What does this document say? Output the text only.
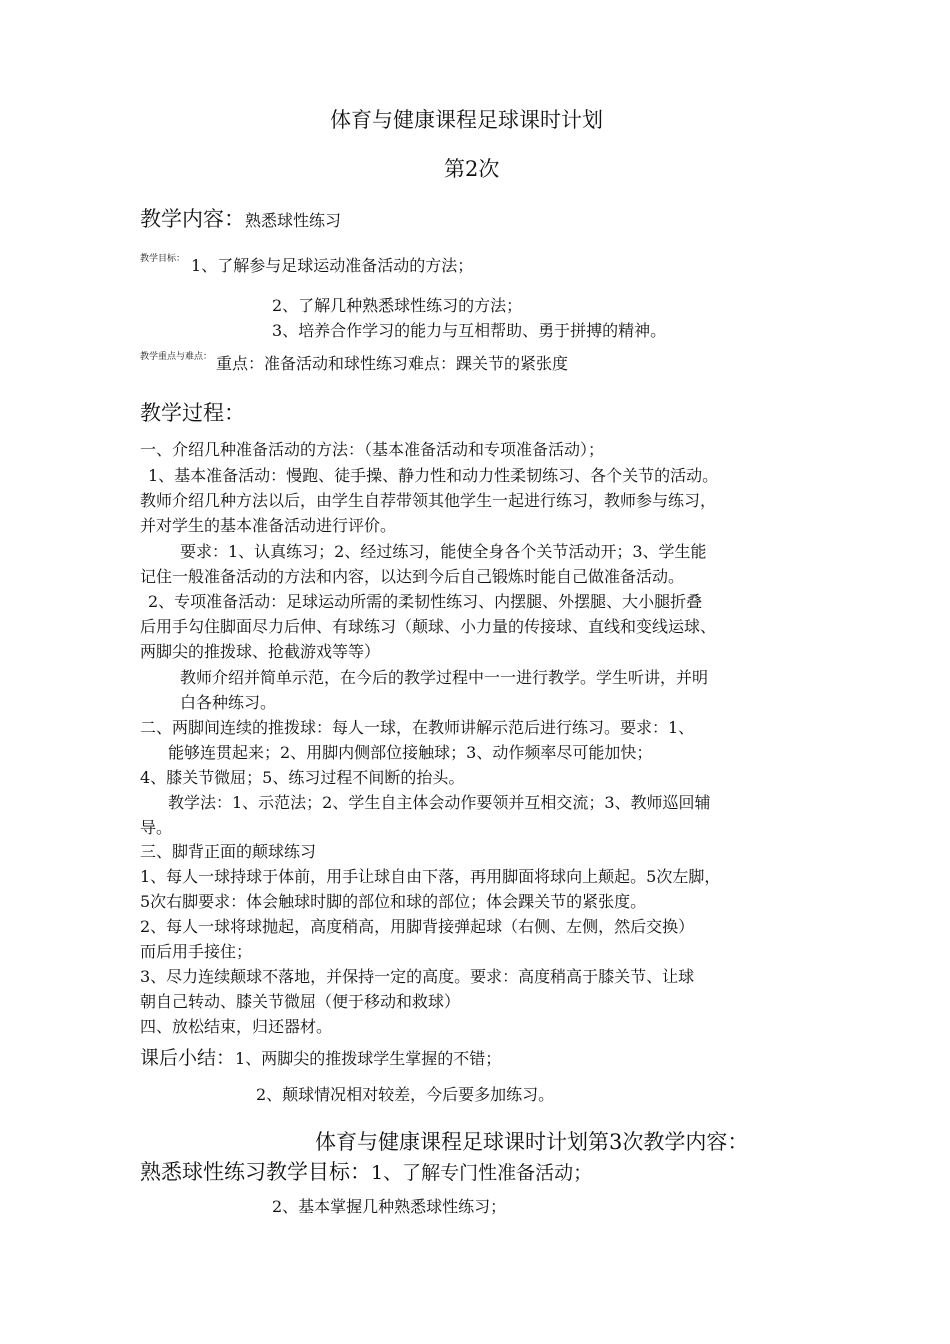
体育与健康课程足球课时计划
第2次
教学内容：熟悉球性练习
$^{教学目标:}$ 1、了解参与足球运动准备活动的方法；
2、了解几种熟悉球性练习的方法；
3、培养合作学习的能力与互相帮助、勇于拼搏的精神。
$^{教学重点与难点:}$ 重点：准备活动和球性练习难点：踝关节的紧张度
教学过程：
一、介绍几种准备活动的方法：（基本准备活动和专项准备活动）；
1、基本准备活动：慢跑、徒手操、静力性和动力性柔韧练习、各个关节的活动。
教师介绍几种方法以后，由学生自荐带领其他学生一起进行练习，教师参与练习，
并对学生的基本准备活动进行评价。
要求：1、认真练习；2、经过练习，能使全身各个关节活动开；3、学生能
记住一般准备活动的方法和内容，以达到今后自己锻炼时能自己做准备活动。
2、专项准备活动：足球运动所需的柔韧性练习、内摆腿、外摆腿、大小腿折叠
后用手勾住脚面尽力后伸、有球练习（颠球、小力量的传接球、直线和变线运球、
两脚尖的推拨球、抢截游戏等等）
教师介绍并简单示范，在今后的教学过程中一一进行教学。学生听讲，并明
白各种练习。
二、两脚间连续的推拨球：每人一球，在教师讲解示范后进行练习。要求：1、
能够连贯起来；2、用脚内侧部位接触球；3、动作频率尽可能加快；
4、膝关节微屈；5、练习过程不间断的抬头。
教学法：1、示范法；2、学生自主体会动作要领并互相交流；3、教师巡回辅
导。
三、脚背正面的颠球练习
1、每人一球持球于体前，用手让球自由下落，再用脚面将球向上颠起。5次左脚，
5次右脚要求：体会触球时脚的部位和球的部位；体会踝关节的紧张度。
2、每人一球将球抛起，高度稍高，用脚背接弹起球（右侧、左侧，然后交换）
而后用手接住；
3、尽力连续颠球不落地，并保持一定的高度。要求：高度稍高于膝关节、让球
朝自己转动、膝关节微屈（便于移动和救球）
四、放松结束，归还器材。
课后小结：1、两脚尖的推拨球学生掌握的不错；
2、颠球情况相对较差，今后要多加练习。
体育与健康课程足球课时计划第3次教学内容：
熟悉球性练习教学目标：1、了解专门性准备活动；
2、基本掌握几种熟悉球性练习；
